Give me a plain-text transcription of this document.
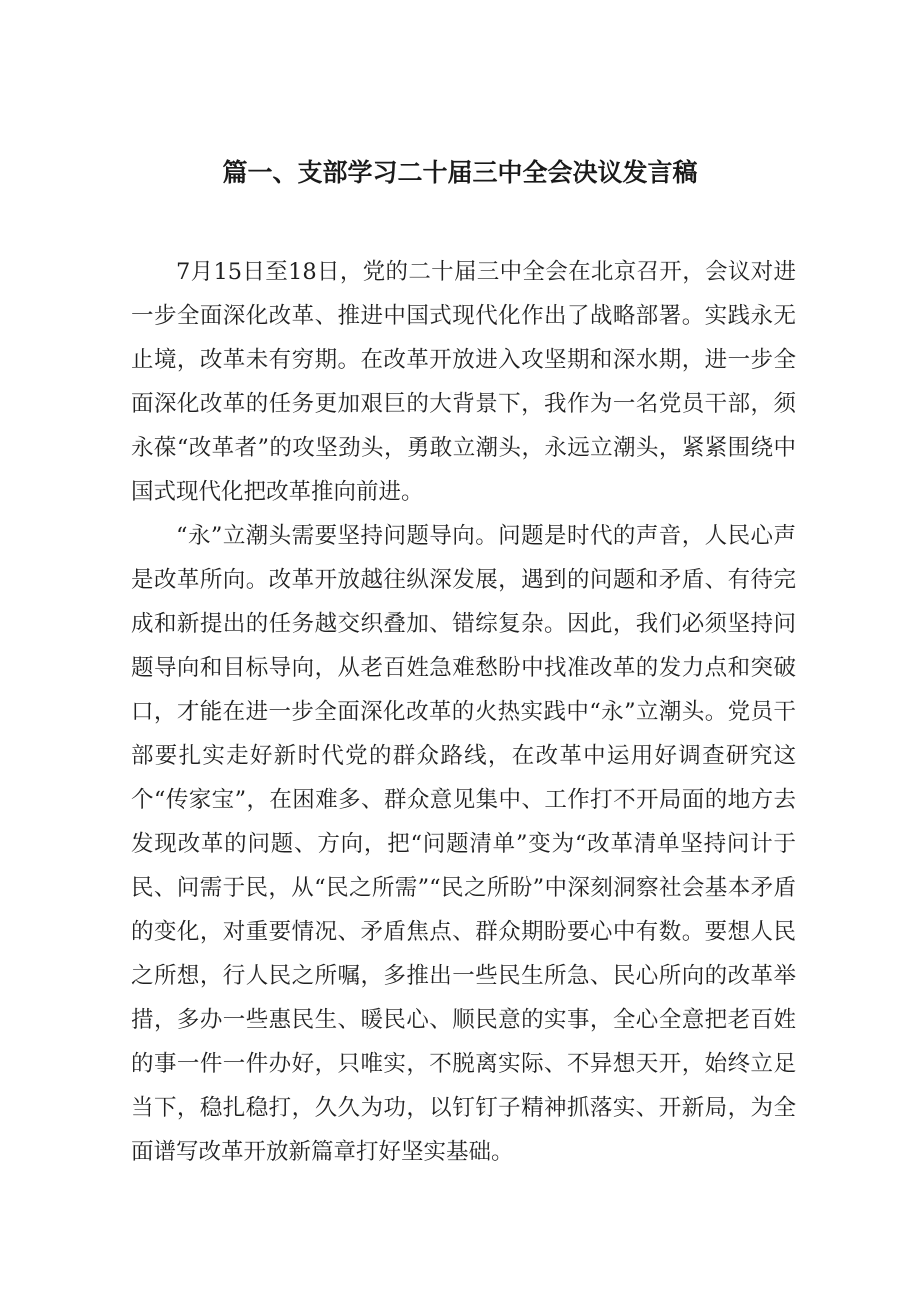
篇一、支部学习二十届三中全会决议发言稿

7月15日至18日，党的二十届三中全会在北京召开，会议对进一步全面深化改革、推进中国式现代化作出了战略部署。实践永无止境，改革未有穷期。在改革开放进入攻坚期和深水期，进一步全面深化改革的任务更加艰巨的大背景下，我作为一名党员干部，须永葆“改革者”的攻坚劲头，勇敢立潮头，永远立潮头，紧紧围绕中国式现代化把改革推向前进。

“永”立潮头需要坚持问题导向。问题是时代的声音，人民心声是改革所向。改革开放越往纵深发展，遇到的问题和矛盾、有待完成和新提出的任务越交织叠加、错综复杂。因此，我们必须坚持问题导向和目标导向，从老百姓急难愁盼中找准改革的发力点和突破口，才能在进一步全面深化改革的火热实践中“永”立潮头。党员干部要扎实走好新时代党的群众路线，在改革中运用好调查研究这个“传家宝”，在困难多、群众意见集中、工作打不开局面的地方去发现改革的问题、方向，把“问题清单”变为“改革清单坚持问计于民、问需于民，从“民之所需”“民之所盼”中深刻洞察社会基本矛盾的变化，对重要情况、矛盾焦点、群众期盼要心中有数。要想人民之所想，行人民之所嘱，多推出一些民生所急、民心所向的改革举措，多办一些惠民生、暖民心、顺民意的实事，全心全意把老百姓的事一件一件办好，只唯实，不脱离实际、不异想天开，始终立足当下，稳扎稳打，久久为功，以钉钉子精神抓落实、开新局，为全面谱写改革开放新篇章打好坚实基础。
